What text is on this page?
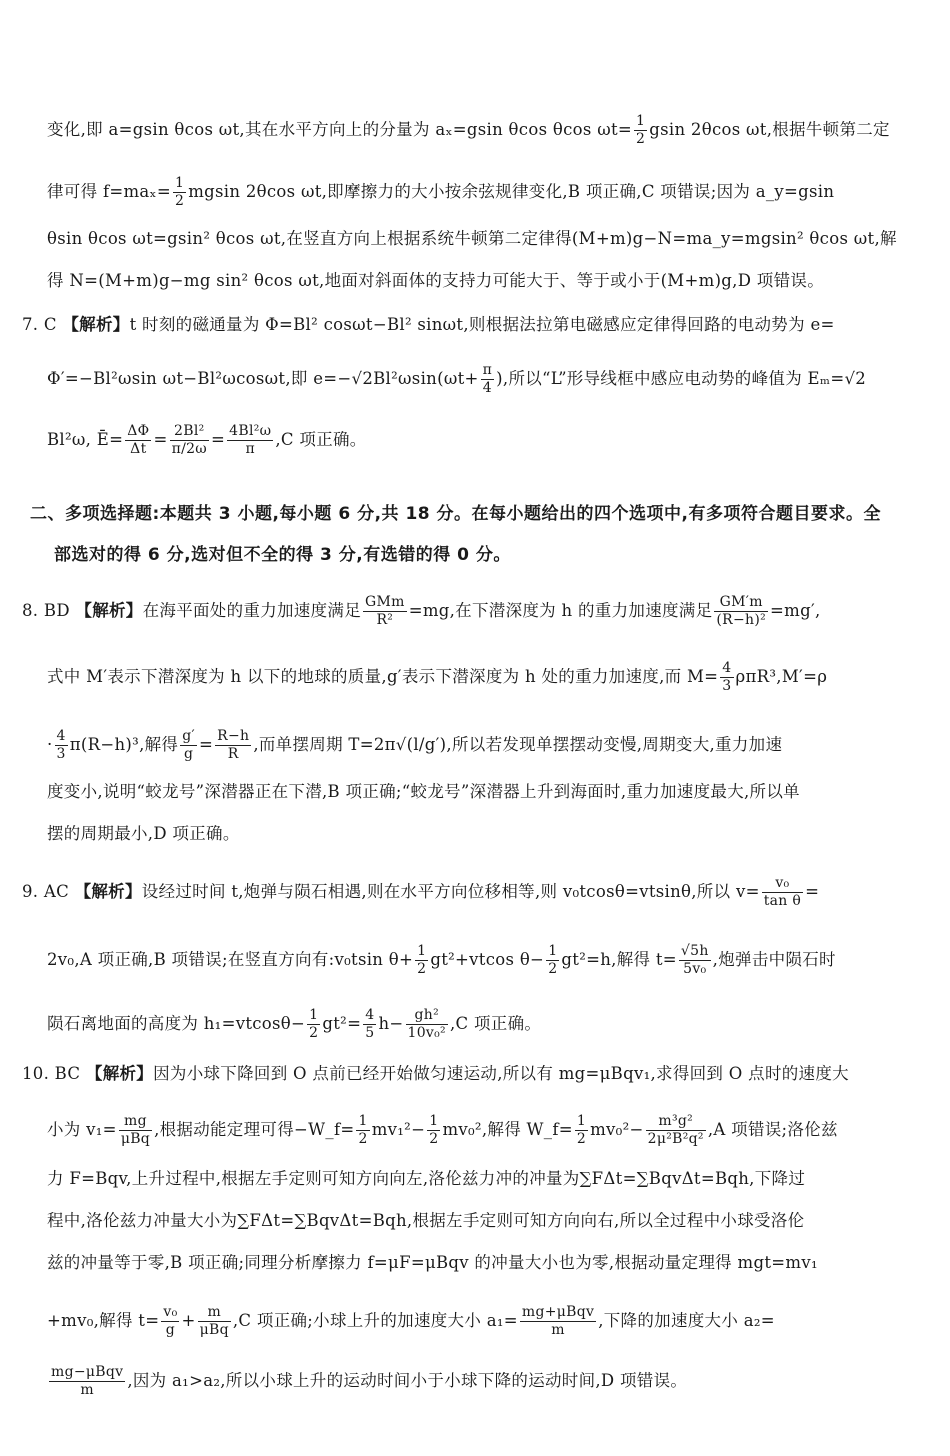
变化,即 a=gsin θcos ωt,其在水平方向上的分量为 aₓ=gsin θcos θcos $\omega t= \frac{1}{2}$ gsin 2θcos ωt,根据牛顿第二定
律可得 $f=ma_x= \frac{1}{2}$ mgsin 2θcos ωt,即摩擦力的大小按余弦规律变化,B 项正确,C 项错误;因为 a_y=gsin
θsin θcos ωt=gsin² θcos ωt,在竖直方向上根据系统牛顿第二定律得(M+m)g−N=ma_y=mgsin² θcos ωt,解
得 N=(M+m)g−mg sin² θcos ωt,地面对斜面体的支持力可能大于、等于或小于(M+m)g,D 项错误。
7. C 【解析】t 时刻的磁通量为 Φ=Bl² cosωt−Bl² sinωt,则根据法拉第电磁感应定律得回路的电动势为 e=
Φ′=−Bl²ωsin ωt−Bl²ωcosωt,即 $e=-√2Bl^2\omega\sin(\omega t+ \frac{\pi}{4}$ ),所以“L”形导线框中感应电动势的峰值为 Eₘ=√2
Bl²ω, Ē= $\frac{\Delta\Phi}{\Delta t} = \frac{\text{2Bl²}}{\pi/2\omega} = \frac{\text{4Bl²ω}}{\pi} ,C$ 项正确。
二、多项选择题:本题共 3 小题,每小题 6 分,共 18 分。在每小题给出的四个选项中,有多项符合题目要求。全
部选对的得 6 分,选对但不全的得 3 分,有选错的得 0 分。
8. BD 【解析】在海平面处的重力加速度满足 $\frac{\text{GMm}}{\text{R²}} =mg$,在下潜深度为 h 的重力加速度满足 $\frac{GM'm}{\text{(R−h)²}} =mg'$,
式中 M′表示下潜深度为 h 以下的地球的质量,g′表示下潜深度为 h 处的重力加速度,而 $M= \frac{4}{3} \rho\pi R^3,M'=\rho$
· $\frac{4}{3} \pi(R-h)^3$,解得 $\frac{g'}{g} = \frac{R-h}{R}$ ,而单摆周期 T=2π√(l/g′),所以若发现单摆摆动变慢,周期变大,重力加速
度变小,说明“蛟龙号”深潜器正在下潜,B 项正确;“蛟龙号”深潜器上升到海面时,重力加速度最大,所以单
摆的周期最小,D 项正确。
9. AC 【解析】设经过时间 t,炮弹与陨石相遇,则在水平方向位移相等,则 v₀tcosθ=vtsinθ,所以 $v= \frac{\text{v₀}}{\text{tan θ}}$ =
2v₀,A 项正确,B 项错误;在竖直方向有:v₀tsin $\theta+ \frac{1}{2} gt^2+vtcos$ $\theta- \frac{1}{2} gt^2=h$,解得 $t= \frac{√5h}{\text{5v₀}}$ ,炮弹击中陨石时
陨石离地面的高度为 $h_1=vtcos\theta- \frac{1}{2} gt^2= \frac{4}{5} h- \frac{\text{gh²}}{\text{10v₀²}} ,C$ 项正确。
10. BC 【解析】因为小球下降回到 O 点前已经开始做匀速运动,所以有 mg=μBqv₁,求得回到 O 点时的速度大
小为 $v_1= \frac{mg}{\text{μBq}}$ ,根据动能定理可得−W_f= $\frac{1}{2} mv_1^2- \frac{1}{2} mv_0^2$,解得 W_f= $\frac{1}{2} mv_0^2- \frac{\text{m³g²}}{\text{2μ²B²q²}} ,A$ 项错误;洛伦兹
力 F=Bqv,上升过程中,根据左手定则可知方向向左,洛伦兹力冲的冲量为∑FΔt=∑BqvΔt=Bqh,下降过
程中,洛伦兹力冲量大小为∑FΔt=∑BqvΔt=Bqh,根据左手定则可知方向向右,所以全过程中小球受洛伦
兹的冲量等于零,B 项正确;同理分析摩擦力 f=μF=μBqv 的冲量大小也为零,根据动量定理得 mgt=mv₁
+mv₀,解得 $t= \frac{\text{v₀}}{g} + \frac{m}{\text{μBq}} ,C$ 项正确;小球上升的加速度大小 $a_1= \frac{\text{mg+μBqv}}{m}$ ,下降的加速度大小 a₂=
$\frac{\text{mg−μBqv}}{m}$ ,因为 a₁>a₂,所以小球上升的运动时间小于小球下降的运动时间,D 项错误。
